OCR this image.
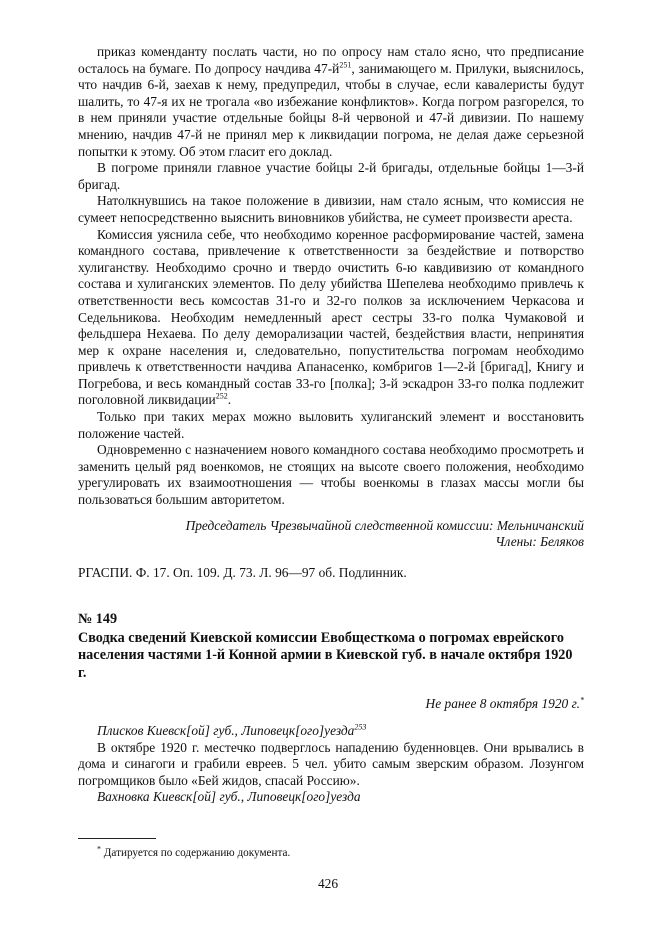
приказ коменданту послать части, но по опросу нам стало ясно, что предписание осталось на бумаге. По допросу начдива $47-й^{251}$, занимающего м. Прилуки, выяснилось, что начдив 6-й, заехав к нему, предупредил, чтобы в случае, если кавалеристы будут шалить, то 47-я их не трогала «во избежание конфликтов». Когда погром разгорелся, то в нем приняли участие отдельные бойцы 8-й червоной и 47-й дивизии. По нашему мнению, начдив 47-й не принял мер к ликвидации погрома, не делая даже серьезной попытки к этому. Об этом гласит его доклад.

В погроме приняли главное участие бойцы 2-й бригады, отдельные бойцы 1—3-й бригад.

Натолкнувшись на такое положение в дивизии, нам стало ясным, что комиссия не сумеет непосредственно выяснить виновников убийства, не сумеет произвести ареста.

Комиссия уяснила себе, что необходимо коренное расформирование частей, замена командного состава, привлечение к ответственности за бездействие и потворство хулиганству. Необходимо срочно и твердо очистить 6-ю кавдивизию от командного состава и хулиганских элементов. По делу убийства Шепелева необходимо привлечь к ответственности весь комсостав 31-го и 32-го полков за исключением Черкасова и Седельникова. Необходим немедленный арест сестры 33-го полка Чумаковой и фельдшера Нехаева. По делу деморализации частей, бездействия власти, непринятия мер к охране населения и, следовательно, попустительства погромам необходимо привлечь к ответственности начдива Апанасенко, комбригов 1—2-й [бригад], Книгу и Погребова, и весь командный состав 33-го [полка]; 3-й эскадрон 33-го полка подлежит поголовной ликвидации$^{252}$.

Только при таких мерах можно выловить хулиганский элемент и восстановить положение частей.

Одновременно с назначением нового командного состава необходимо просмотреть и заменить целый ряд военкомов, не стоящих на высоте своего положения, необходимо урегулировать их взаимоотношения — чтобы военкомы в глазах массы могли бы пользоваться большим авторитетом.

Председатель Чрезвычайной следственной комиссии: Мельничанский

Члены: Беляков

РГАСПИ. Ф. 17. Оп. 109. Д. 73. Л. 96—97 об. Подлинник.

№ 149

Сводка сведений Киевской комиссии Евобщесткома о погромах еврейского населения частями 1-й Конной армии в Киевской губ. в начале октября 1920 г.

Не ранее 8 октября 1920 г.*

Плисков Киевск[ой] губ., Липовецк[ого]уезда$^{253}$

В октябре 1920 г. местечко подверглось нападению буденновцев. Они врывались в дома и синагоги и грабили евреев. 5 чел. убито самым зверским образом. Лозунгом погромщиков было «Бей жидов, спасай Россию».

Вахновка Киевск[ой] губ., Липовецк[ого]уезда

* Датируется по содержанию документа.

426
